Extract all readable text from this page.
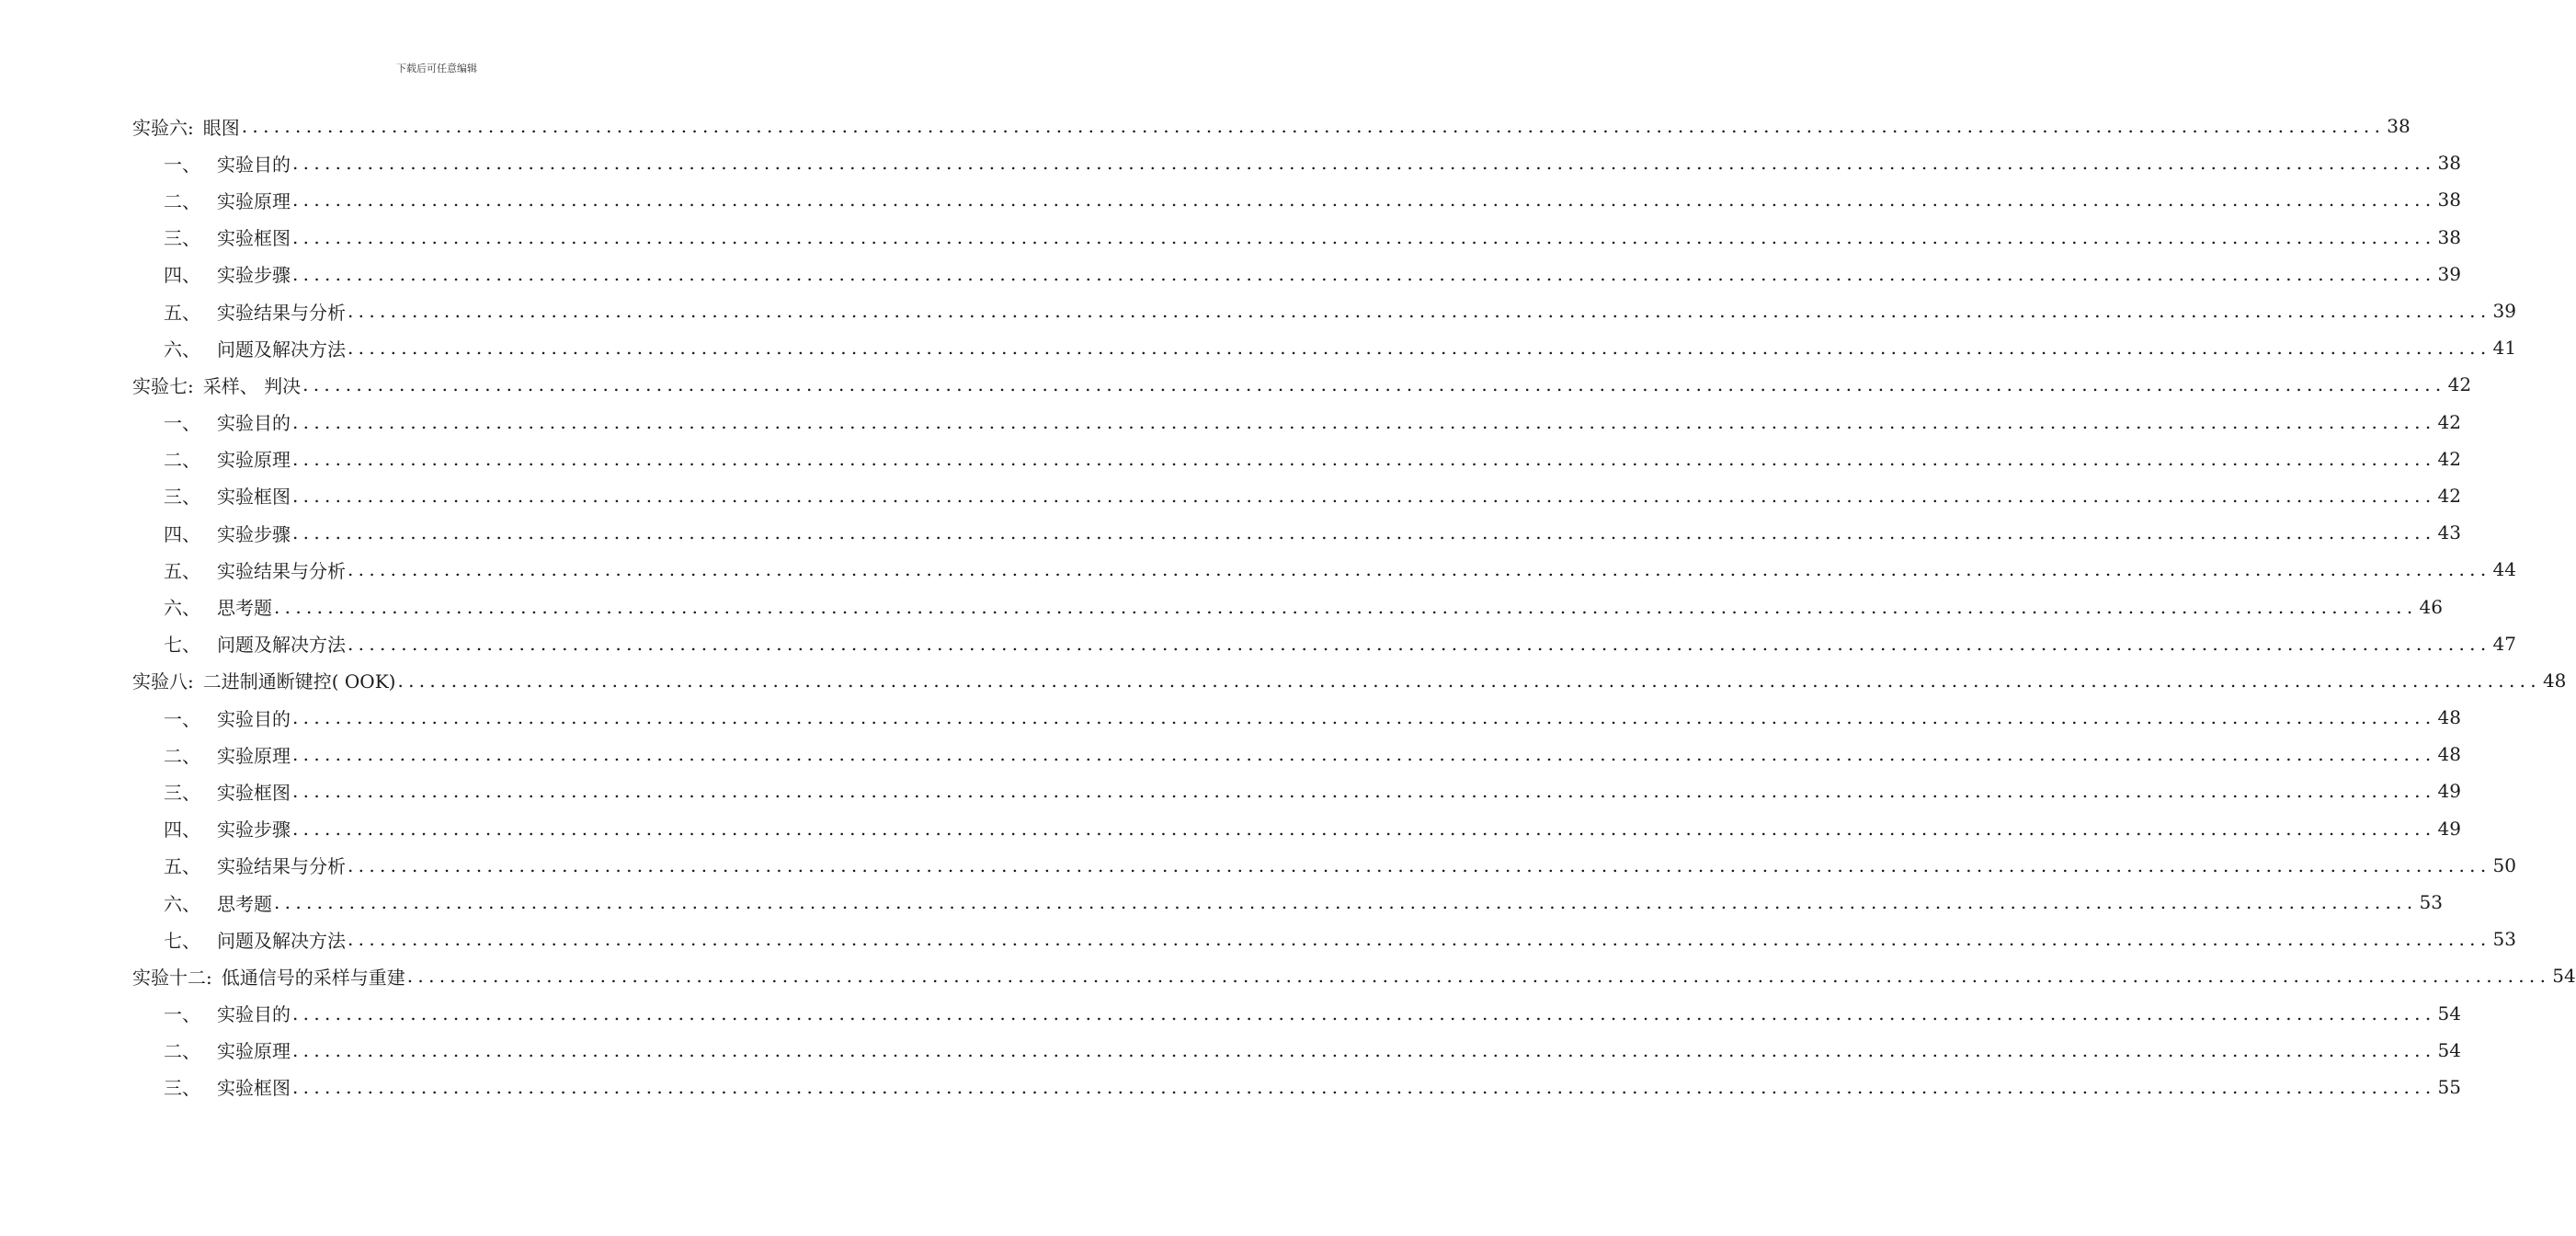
下载后可任意编辑
实验六: 眼图 ........................................................................................................................................................................................................ 38
一、 实验目的 ........................................................................................................................................................................................................ 38
二、 实验原理 ........................................................................................................................................................................................................ 38
三、 实验框图 ........................................................................................................................................................................................................ 38
四、 实验步骤 ........................................................................................................................................................................................................ 39
五、 实验结果与分析 ........................................................................................................................................................................................................ 39
六、 问题及解决方法 ........................................................................................................................................................................................................ 41
实验七: 采样、 判决 ........................................................................................................................................................................................................ 42
一、 实验目的 ........................................................................................................................................................................................................ 42
二、 实验原理 ........................................................................................................................................................................................................ 42
三、 实验框图 ........................................................................................................................................................................................................ 42
四、 实验步骤 ........................................................................................................................................................................................................ 43
五、 实验结果与分析 ........................................................................................................................................................................................................ 44
六、 思考题 ........................................................................................................................................................................................................ 46
七、 问题及解决方法 ........................................................................................................................................................................................................ 47
实验八: 二进制通断键控( OOK) ........................................................................................................................................................................................................ 48
一、 实验目的 ........................................................................................................................................................................................................ 48
二、 实验原理 ........................................................................................................................................................................................................ 48
三、 实验框图 ........................................................................................................................................................................................................ 49
四、 实验步骤 ........................................................................................................................................................................................................ 49
五、 实验结果与分析 ........................................................................................................................................................................................................ 50
六、 思考题 ........................................................................................................................................................................................................ 53
七、 问题及解决方法 ........................................................................................................................................................................................................ 53
实验十二: 低通信号的采样与重建 ........................................................................................................................................................................................................ 54
一、 实验目的 ........................................................................................................................................................................................................ 54
二、 实验原理 ........................................................................................................................................................................................................ 54
三、 实验框图 ........................................................................................................................................................................................................ 55
